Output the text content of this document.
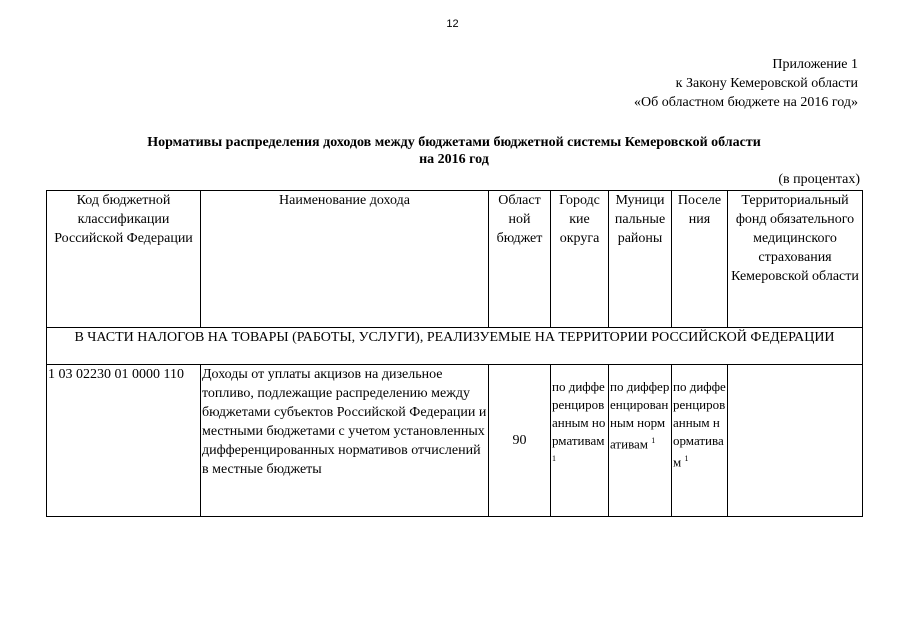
12
Приложение 1
к Закону Кемеровской области
«Об областном бюджете на 2016 год»
Нормативы распределения доходов между бюджетами бюджетной системы Кемеровской области
на 2016 год
(в процентах)
Код бюджетной классификации Российской Федерации	Наименование дохода	Област ной бюджет	Городс кие округа	Муници пальные районы	Поселе ния	Территориальный фонд обязательного медицинского страхования Кемеровской области
В ЧАСТИ НАЛОГОВ НА ТОВАРЫ (РАБОТЫ, УСЛУГИ), РЕАЛИЗУЕМЫЕ НА ТЕРРИТОРИИ РОССИЙСКОЙ ФЕДЕРАЦИИ						
1 03 02230 01 0000 110	Доходы от уплаты акцизов на дизельное топливо, подлежащие распределению между бюджетами субъектов Российской Федерации и местными бюджетами с учетом установленных дифференцированных нормативов отчислений в местные бюджеты	90	по дифференцированным нормативам $^1$	по дифференцированным нормативам $^1$	по дифференцированным нормативам $^1$	
